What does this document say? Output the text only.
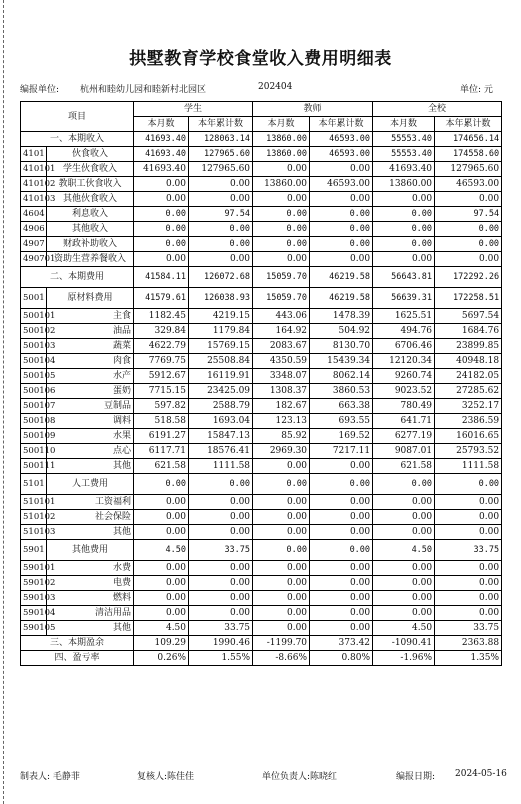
拱墅教育学校食堂收入费用明细表
编报单位: 杭州和睦幼儿园和睦新村北园区	202404	单位: 元
项目		学生		教师		全校	
		本月数	本年累计数	本月数	本年累计数	本月数	本年累计数
一、本期收入		41693.40	128063.14	13860.00	46593.00	55553.40	174656.14
4101	伙食收入	41693.40	127965.60	13860.00	46593.00	55553.40	174558.60
410101	学生伙食收入	41693.40	127965.60	0.00	0.00	41693.40	127965.60
410102	教职工伙食收入	0.00	0.00	13860.00	46593.00	13860.00	46593.00
410103	其他伙食收入	0.00	0.00	0.00	0.00	0.00	0.00
4604	利息收入	0.00	97.54	0.00	0.00	0.00	97.54
4906	其他收入	0.00	0.00	0.00	0.00	0.00	0.00
4907	财政补助收入	0.00	0.00	0.00	0.00	0.00	0.00
490701	资助生营养餐收入	0.00	0.00	0.00	0.00	0.00	0.00
二、本期费用		41584.11	126072.68	15059.70	46219.58	56643.81	172292.26
5001	原材料费用	41579.61	126038.93	15059.70	46219.58	56639.31	172258.51
500101	主食	1182.45	4219.15	443.06	1478.39	1625.51	5697.54
500102	油品	329.84	1179.84	164.92	504.92	494.76	1684.76
500103	蔬菜	4622.79	15769.15	2083.67	8130.70	6706.46	23899.85
500104	肉食	7769.75	25508.84	4350.59	15439.34	12120.34	40948.18
500105	水产	5912.67	16119.91	3348.07	8062.14	9260.74	24182.05
500106	蛋奶	7715.15	23425.09	1308.37	3860.53	9023.52	27285.62
500107	豆制品	597.82	2588.79	182.67	663.38	780.49	3252.17
500108	调料	518.58	1693.04	123.13	693.55	641.71	2386.59
500109	水果	6191.27	15847.13	85.92	169.52	6277.19	16016.65
500110	点心	6117.71	18576.41	2969.30	7217.11	9087.01	25793.52
500111	其他	621.58	1111.58	0.00	0.00	621.58	1111.58
5101	人工费用	0.00	0.00	0.00	0.00	0.00	0.00
510101	工资福利	0.00	0.00	0.00	0.00	0.00	0.00
510102	社会保险	0.00	0.00	0.00	0.00	0.00	0.00
510103	其他	0.00	0.00	0.00	0.00	0.00	0.00
5901	其他费用	4.50	33.75	0.00	0.00	4.50	33.75
590101	水费	0.00	0.00	0.00	0.00	0.00	0.00
590102	电费	0.00	0.00	0.00	0.00	0.00	0.00
590103	燃料	0.00	0.00	0.00	0.00	0.00	0.00
590104	清洁用品	0.00	0.00	0.00	0.00	0.00	0.00
590105	其他	4.50	33.75	0.00	0.00	4.50	33.75
三、本期盈余		109.29	1990.46	-1199.70	373.42	-1090.41	2363.88
四、盈亏率		0.26%	1.55%	-8.66%	0.80%	-1.96%	1.35%
制表人: 毛静菲	复核人:陈佳佳	单位负责人:陈晓红	编报日期: 2024-05-16
